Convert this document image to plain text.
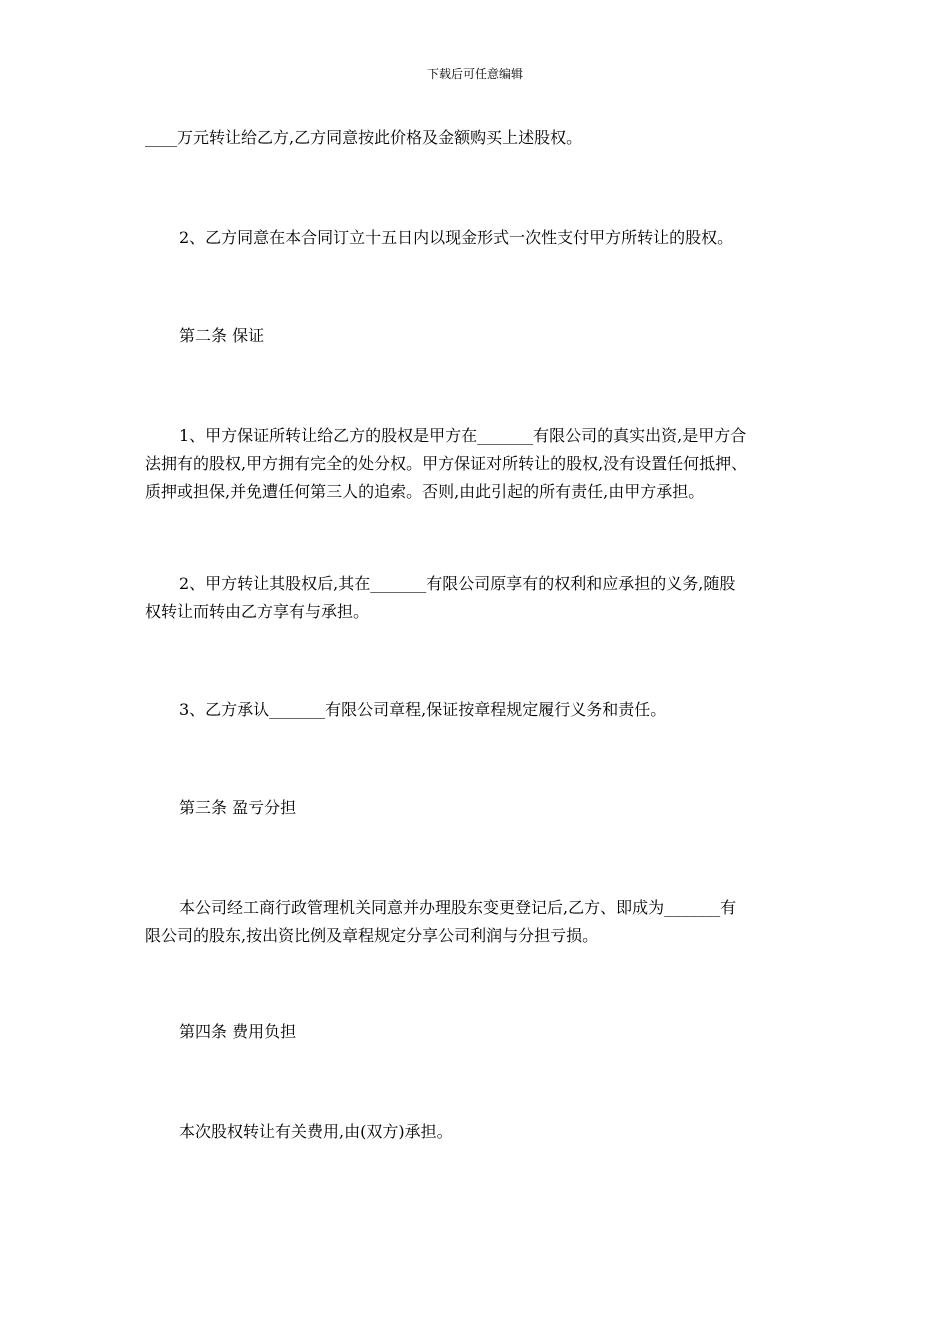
下载后可任意编辑
____万元转让给乙方,乙方同意按此价格及金额购买上述股权。
2、乙方同意在本合同订立十五日内以现金形式一次性支付甲方所转让的股权。
第二条 保证
1、甲方保证所转让给乙方的股权是甲方在_______有限公司的真实出资,是甲方合
法拥有的股权,甲方拥有完全的处分权。甲方保证对所转让的股权,没有设置任何抵押、
质押或担保,并免遭任何第三人的追索。否则,由此引起的所有责任,由甲方承担。
2、甲方转让其股权后,其在_______有限公司原享有的权利和应承担的义务,随股
权转让而转由乙方享有与承担。
3、乙方承认_______有限公司章程,保证按章程规定履行义务和责任。
第三条 盈亏分担
本公司经工商行政管理机关同意并办理股东变更登记后,乙方、即成为_______有
限公司的股东,按出资比例及章程规定分享公司利润与分担亏损。
第四条 费用负担
本次股权转让有关费用,由(双方)承担。
